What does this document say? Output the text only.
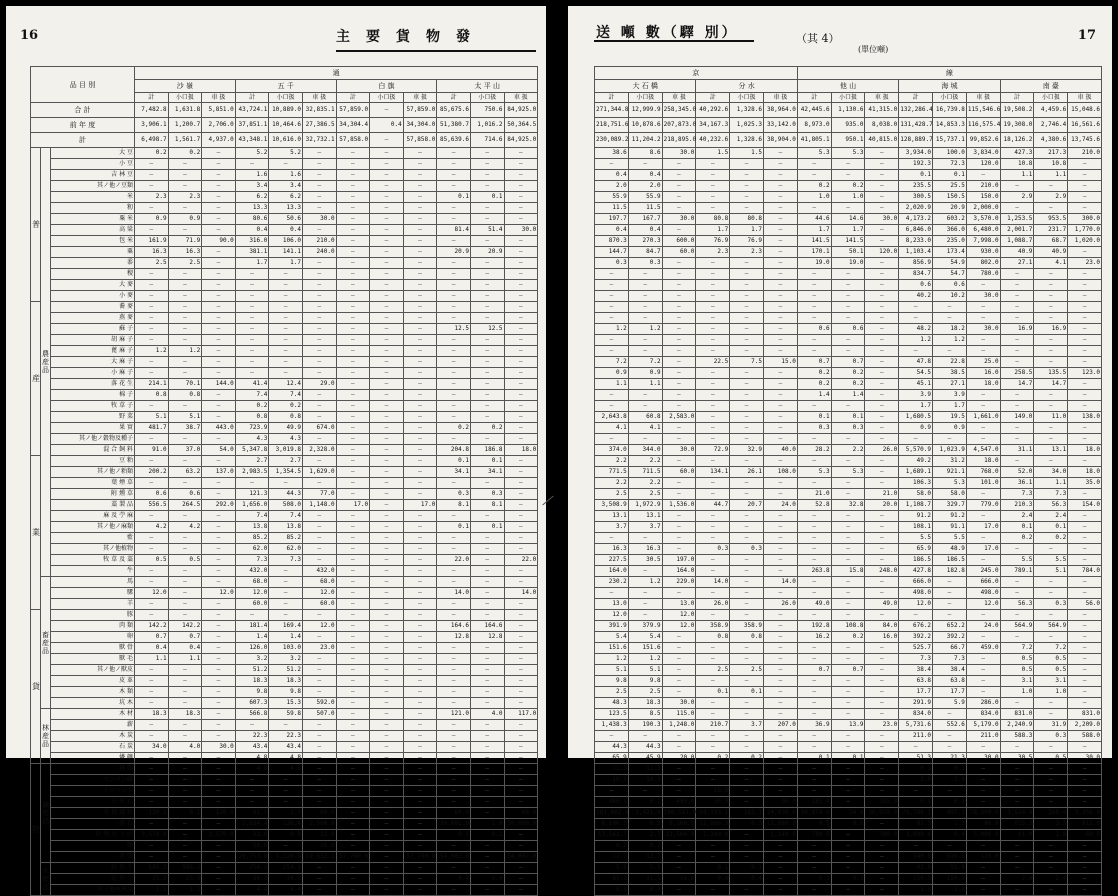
16	主要貨物發
品 目 別			通											
			沙 嶺			五 千			白 旗			太 平 山		
			計	小口扱	車 扱	計	小口扱	車 扱	計	小口扱	車 扱	計	小口扱	車 扱
合 計			7,482.8	1,631.8	5,851.0	43,724.1	10,889.0	32,835.1	57,859.0	—	57,859.0	85,675.6	750.6	84,925.0
前 年 度			3,906.1	1,200.7	2,706.0	37,851.1	10,464.6	27,386.5	34,304.4	0.4	34,304.0	51,380.7	1,016.2	50,364.5
計			6,498.7	1,561.7	4,937.0	43,348.1	10,616.0	32,732.1	57,858.0	—	57,858.0	85,639.6	714.6	84,925.0
普	農 産 品	大 豆	0.2	0.2	—	5.2	5.2	—	—	—	—	—	—	—
		小 豆	—	—	—	—	—	—	—	—	—	—	—	—
		吉 林 豆	—	—	—	1.6	1.6	—	—	—	—	—	—	—
		其ノ他ノ豆類	—	—	—	3.4	3.4	—	—	—	—	—	—	—
		米	2.3	2.3	—	6.2	6.2	—	—	—	—	0.1	0.1	—
		籾	—	—	—	13.3	13.3	—	—	—	—	—	—	—
		粟 米	0.9	0.9	—	80.6	50.6	30.0	—	—	—	—	—	—
		高 粱	—	—	—	0.4	0.4	—	—	—	—	81.4	51.4	30.0
		包 米	161.9	71.9	90.0	316.0	106.0	210.0	—	—	—	—	—	—
		粟	16.3	16.3	—	381.1	141.1	240.0	—	—	—	20.9	20.9	—
		黍	2.5	2.5	—	1.7	1.7	—	—	—	—	—	—	—
		稷	—	—	—	—	—	—	—	—	—	—	—	—
		大 麥	—	—	—	—	—	—	—	—	—	—	—	—
		小 麥	—	—	—	—	—	—	—	—	—	—	—	—
産		蕎 麥	—	—	—	—	—	—	—	—	—	—	—	—
		燕 麥	—	—	—	—	—	—	—	—	—	—	—	—
		蘇 子	—	—	—	—	—	—	—	—	—	12.5	12.5	—
		胡 麻 子	—	—	—	—	—	—	—	—	—	—	—	—
		蓖 麻 子	1.2	1.2	—	—	—	—	—	—	—	—	—	—
		大 麻 子	—	—	—	—	—	—	—	—	—	—	—	—
		小 麻 子	—	—	—	—	—	—	—	—	—	—	—	—
		落 花 生	214.1	70.1	144.0	41.4	12.4	29.0	—	—	—	—	—	—
		棉 子	0.8	0.8	—	7.4	7.4	—	—	—	—	—	—	—
		牧 草 子	—	—	—	0.2	0.2	—	—	—	—	—	—	—
		野 菜	5.1	5.1	—	0.8	0.8	—	—	—	—	—	—	—
		果 實	481.7	38.7	443.0	723.9	49.9	674.0	—	—	—	0.2	0.2	—
		其ノ他ノ穀物及種子	—	—	—	4.3	4.3	—	—	—	—	—	—	—
		混 合 飼 料	91.0	37.0	54.0	5,347.8	3,019.8	2,328.0	—	—	—	204.8	186.8	18.0
業		豆 粕	—	—	—	2.7	2.7	—	—	—	—	0.1	0.1	—
		其ノ他ノ粕類	200.2	63.2	137.0	2,983.5	1,354.5	1,629.0	—	—	—	34.1	34.1	—
		葉 煙 草	—	—	—	—	—	—	—	—	—	—	—	—
		附 燻 草	0.6	0.6	—	121.3	44.3	77.0	—	—	—	0.3	0.3	—
		藁 製 品	556.5	264.5	292.0	1,656.0	508.0	1,148.0	17.0	—	17.0	8.1	8.1	—
		麻 及 苧 麻	—	—	—	7.4	7.4	—	—	—	—	—	—	—
		其ノ他ノ麻類	4.2	4.2	—	13.8	13.8	—	—	—	—	0.1	0.1	—
		藍	—	—	—	85.2	85.2	—	—	—	—	—	—	—
		其ノ他植物	—	—	—	62.0	62.0	—	—	—	—	—	—	—
		牧 草 及 藁	0.5	0.5	—	7.3	7.3	—	—	—	—	22.0	—	22.0
		牛	—	—	—	432.0	—	432.0	—	—	—	—	—	—
	畜 産 品	馬	—	—	—	68.0	—	68.0	—	—	—	—	—	—
		騾	12.0	—	12.0	12.0	—	12.0	—	—	—	14.0	—	14.0
		羊	—	—	—	60.0	—	60.0	—	—	—	—	—	—
貨		豚	—	—	—	—	—	—	—	—	—	—	—	—
		肉 類	142.2	142.2	—	181.4	169.4	12.0	—	—	—	164.6	164.6	—
		卵	0.7	0.7	—	1.4	1.4	—	—	—	—	12.8	12.8	—
		獸 骨	0.4	0.4	—	126.0	103.0	23.0	—	—	—	—	—	—
		獸 毛	1.1	1.1	—	3.2	3.2	—	—	—	—	—	—	—
		其ノ他ノ獸皮	—	—	—	51.2	51.2	—	—	—	—	—	—	—
		皮 革	—	—	—	18.3	18.3	—	—	—	—	—	—	—
		木 類	—	—	—	9.8	9.8	—	—	—	—	—	—	—
		坑 木	—	—	—	607.3	15.3	592.0	—	—	—	—	—	—
	林 産 品	木 材	18.3	18.3	—	566.8	59.8	507.0	—	—	—	121.0	4.0	117.0
		薪	—	—	—	—	—	—	—	—	—	—	—	—
		木 炭	—	—	—	22.3	22.3	—	—	—	—	—	—	—
		石 炭	34.0	4.0	30.0	43.4	43.4	—	—	—	—	—	—	—
		燐 礦	—	—	—	4.8	4.8	—	—	—	—	—	—	—
物	礦 産 品	鐵 礦	—	—	—	4.8	4.8	—	—	—	—	—	—	—
		マンガン礦	—	—	—	—	—	—	—	—	—	—	—	—
		ドロマイト	—	—	—	—	—	—	—	—	—	—	—	—
		石 灰 石	—	—	—	—	—	—	—	—	—	—	—	—
		其 他 礦 物	120.1	0.1	120.0	61.7	1.7	60.0	—	—	—	60.0	—	60.0
		碎 石	—	—	—	2,634.4	126.4	2,508.0	—	—	—	30,601.0	1.0	30,600.0
		砂 利 及 土 砂	3,570.0	—	3,570.0	22.9	0.9	22.0	—	—	—	0.1	0.1	—
		鹽	—	—	—	56.6	—	56.6	—	—	—	—	—	—
		製 鹽	—	—	—	20,753.0	1,120.9	19,632.1	57,790.0	—	57,790.0	54,002.0	—	54,002.0
	水 産 品	鮮 魚 介	586.2	586.2	—	254.3	254.3	—	—	—	—	—	—	—
		乾 魚 介	25.3	25.3	—	34.3	34.3	—	—	—	—	0.4	0.4	—
		其ノ他水産品	1.2	1.2	—	4.4	4.4	—	—	—	—	—	—	—
送 噸 數（驛 別）	（其 4）
(單位噸)
17
京						線								
大 石 橋			分 水			他 山			海 城			南 臺		
計	小口扱	車 扱	計	小口扱	車 扱	計	小口扱	車 扱	計	小口扱	車 扱	計	小口扱	車 扱
271,344.8	12,999.9	258,345.0	40,292.6	1,328.6	38,964.0	42,445.6	1,130.6	41,315.0	132,286.4	16,739.8	115,546.6	19,508.2	4,459.6	15,048.6
218,751.6	10,878.6	207,873.0	34,167.3	1,025.3	33,142.0	8,973.0	935.0	8,038.0	131,428.7	14,853.3	116,575.4	19,308.0	2,746.4	16,561.6
230,089.2	11,204.2	218,895.0	40,232.6	1,328.6	38,904.0	41,805.1	950.1	40,815.0	128,889.7	15,737.1	99,852.6	18,126.2	4,380.6	13,745.6
38.6	8.6	30.0	1.5	1.5	—	5.3	5.3	—	3,934.0	100.0	3,834.0	427.3	217.3	210.0
—	—	—	—	—	—	—	—	—	192.3	72.3	120.0	10.8	10.8	—
0.4	0.4	—	—	—	—	—	—	—	0.1	0.1	—	1.1	1.1	—
2.0	2.0	—	—	—	—	0.2	0.2	—	235.5	25.5	210.0	—	—	—
55.9	55.9	—	—	—	—	1.0	1.0	—	300.5	150.5	150.0	2.9	2.9	—
11.5	11.5	—	—	—	—	—	—	—	2,020.9	20.9	2,000.0	—	—	—
197.7	167.7	30.0	80.8	80.8	—	44.6	14.6	30.0	4,173.2	603.2	3,570.0	1,253.5	953.5	300.0
0.4	0.4	—	1.7	1.7	—	1.7	1.7	—	6,846.0	366.0	6,480.0	2,001.7	231.7	1,770.0
870.3	270.3	600.0	76.9	76.9	—	141.5	141.5	—	8,233.0	235.0	7,998.0	1,088.7	68.7	1,020.0
144.7	84.7	60.0	2.3	2.3	—	170.1	50.1	120.0	1,103.4	173.4	930.0	40.9	40.9	—
0.3	0.3	—	—	—	—	19.0	19.0	—	856.9	54.9	802.0	27.1	4.1	23.0
—	—	—	—	—	—	—	—	—	834.7	54.7	780.0	—	—	—
—	—	—	—	—	—	—	—	—	0.6	0.6	—	—	—	—
—	—	—	—	—	—	—	—	—	40.2	10.2	30.0	—	—	—
—	—	—	—	—	—	—	—	—	—	—	—	—	—	—
—	—	—	—	—	—	—	—	—	—	—	—	—	—	—
1.2	1.2	—	—	—	—	0.6	0.6	—	48.2	18.2	30.0	16.9	16.9	—
—	—	—	—	—	—	—	—	—	1.2	1.2	—	—	—	—
—	—	—	—	—	—	—	—	—	—	—	—	—	—	—
7.2	7.2	—	22.5	7.5	15.0	0.7	0.7	—	47.8	22.8	25.0	—	—	—
0.9	0.9	—	—	—	—	0.2	0.2	—	54.5	38.5	16.0	258.5	135.5	123.0
1.1	1.1	—	—	—	—	0.2	0.2	—	45.1	27.1	18.0	14.7	14.7	—
—	—	—	—	—	—	1.4	1.4	—	3.9	3.9	—	—	—	—
—	—	—	—	—	—	—	—	—	1.7	1.7	—	—	—	—
2,643.8	60.8	2,583.0	—	—	—	0.1	0.1	—	1,680.5	19.5	1,661.0	149.0	11.0	138.0
4.1	4.1	—	—	—	—	0.3	0.3	—	0.9	0.9	—	—	—	—
—	—	—	—	—	—	—	—	—	—	—	—	—	—	—
374.0	344.0	30.0	72.9	32.9	40.0	28.2	2.2	26.0	5,570.9	1,023.9	4,547.0	31.1	13.1	18.0
2.2	2.2	—	—	—	—	—	—	—	49.2	31.2	18.0	—	—	—
771.5	711.5	60.0	134.1	26.1	108.0	5.3	5.3	—	1,689.1	921.1	768.0	52.0	34.0	18.0
2.2	2.2	—	—	—	—	—	—	—	106.3	5.3	101.0	36.1	1.1	35.0
2.5	2.5	—	—	—	—	21.0	—	21.0	58.0	58.0	—	7.3	7.3	—
3,508.9	1,972.9	1,536.0	44.7	20.7	24.0	52.8	32.8	20.0	1,108.7	329.7	779.0	210.3	56.3	154.0
13.1	13.1	—	—	—	—	—	—	—	91.2	91.2	—	2.4	2.4	—
3.7	3.7	—	—	—	—	—	—	—	108.1	91.1	17.0	0.1	0.1	—
—	—	—	—	—	—	—	—	—	5.5	5.5	—	0.2	0.2	—
16.3	16.3	—	0.3	0.3	—	—	—	—	65.9	48.9	17.0	—	—	—
227.5	30.5	197.0	—	—	—	—	—	—	186.5	186.5	—	5.5	5.5	—
164.0	—	164.0	—	—	—	263.8	15.8	248.0	427.8	182.8	245.0	789.1	5.1	784.0
230.2	1.2	229.0	14.0	—	14.0	—	—	—	666.0	—	666.0	—	—	—
—	—	—	—	—	—	—	—	—	498.0	—	498.0	—	—	—
13.0	—	13.0	26.0	—	26.0	49.0	—	49.0	12.0	—	12.0	56.3	0.3	56.0
12.0	—	12.0	—	—	—	—	—	—	—	—	—	—	—	—
391.9	379.9	12.0	358.9	358.9	—	192.8	108.8	84.0	676.2	652.2	24.0	564.9	564.9	—
5.4	5.4	—	0.8	0.8	—	16.2	0.2	16.0	392.2	392.2	—	—	—	—
151.6	151.6	—	—	—	—	—	—	—	525.7	66.7	459.0	7.2	7.2	—
1.2	1.2	—	—	—	—	—	—	—	7.3	7.3	—	0.5	0.5	—
5.1	5.1	—	2.5	2.5	—	0.7	0.7	—	38.4	38.4	—	0.5	0.5	—
9.8	9.8	—	—	—	—	—	—	—	63.8	63.8	—	3.1	3.1	—
2.5	2.5	—	0.1	0.1	—	—	—	—	17.7	17.7	—	1.0	1.0	—
48.3	18.3	30.0	—	—	—	—	—	—	291.9	5.9	286.0	—	—	—
123.5	8.5	115.0	—	—	—	—	—	—	834.0	—	834.0	831.0	—	831.0
1,438.3	190.3	1,248.0	210.7	3.7	207.0	36.9	13.9	23.0	5,731.6	552.6	5,179.0	2,240.9	31.9	2,209.0
—	—	—	—	—	—	—	—	—	211.0	—	211.0	588.3	0.3	588.0
44.3	44.3	—	—	—	—	—	—	—	—	—	—	—	—	—
65.9	45.9	20.0	0.2	0.2	—	0.1	0.1	—	51.3	21.3	30.0	30.5	0.5	30.0
11.3	11.3	—	—	—	—	—	—	—	0.1	0.1	—	—	—	—
10.3	10.3	—	—	—	—	—	—	—	2.0	2.0	—	—	—	—
—	—	—	18.8	—	—	—	—	—	—	—	—	—	—	—
480.1	0.1	480.0	30.0	—	30.0	185.0	—	185.0	0.1	0.1	—	—	—	—
181,602.9	1,421.9	180,181.0	24,193.1	163.1	24,030.0	36,974.6	24.6	36,950.0	78,706.1	497.1	78,209.0	3,624.4	268.4	3,356.0
8,100.3	0.3	8,100.0	11,886.3	6.3	11,880.0	0.5	0.5	—	81.3	1.3	80.0	615.3	3.3	612.0
13,562.7	2.7	13,560.0	1,140.0	—	1,140.0	780.0	—	780.0	3,000.4	0.4	3,000.0	61.9	1.9	60.0
0.2	0.2	—	—	—	—	—	—	—	—	—	—	—	—	—
12.7	12.7	—	—	—	—	—	—	—	740.8	620.8	120.0	—	—	—
5.5	5.5	—	0.1	0.1	—	—	—	—	92.8	92.8	—	—	—	—
85.1	31.1	54.0	0.4	0.4	—	0.3	0.3	—	150.3	150.3	—	2.4	2.4	—
8.3	8.3	—	—	—	—	—	—	—	1.3	1.3	—	—	—	—
